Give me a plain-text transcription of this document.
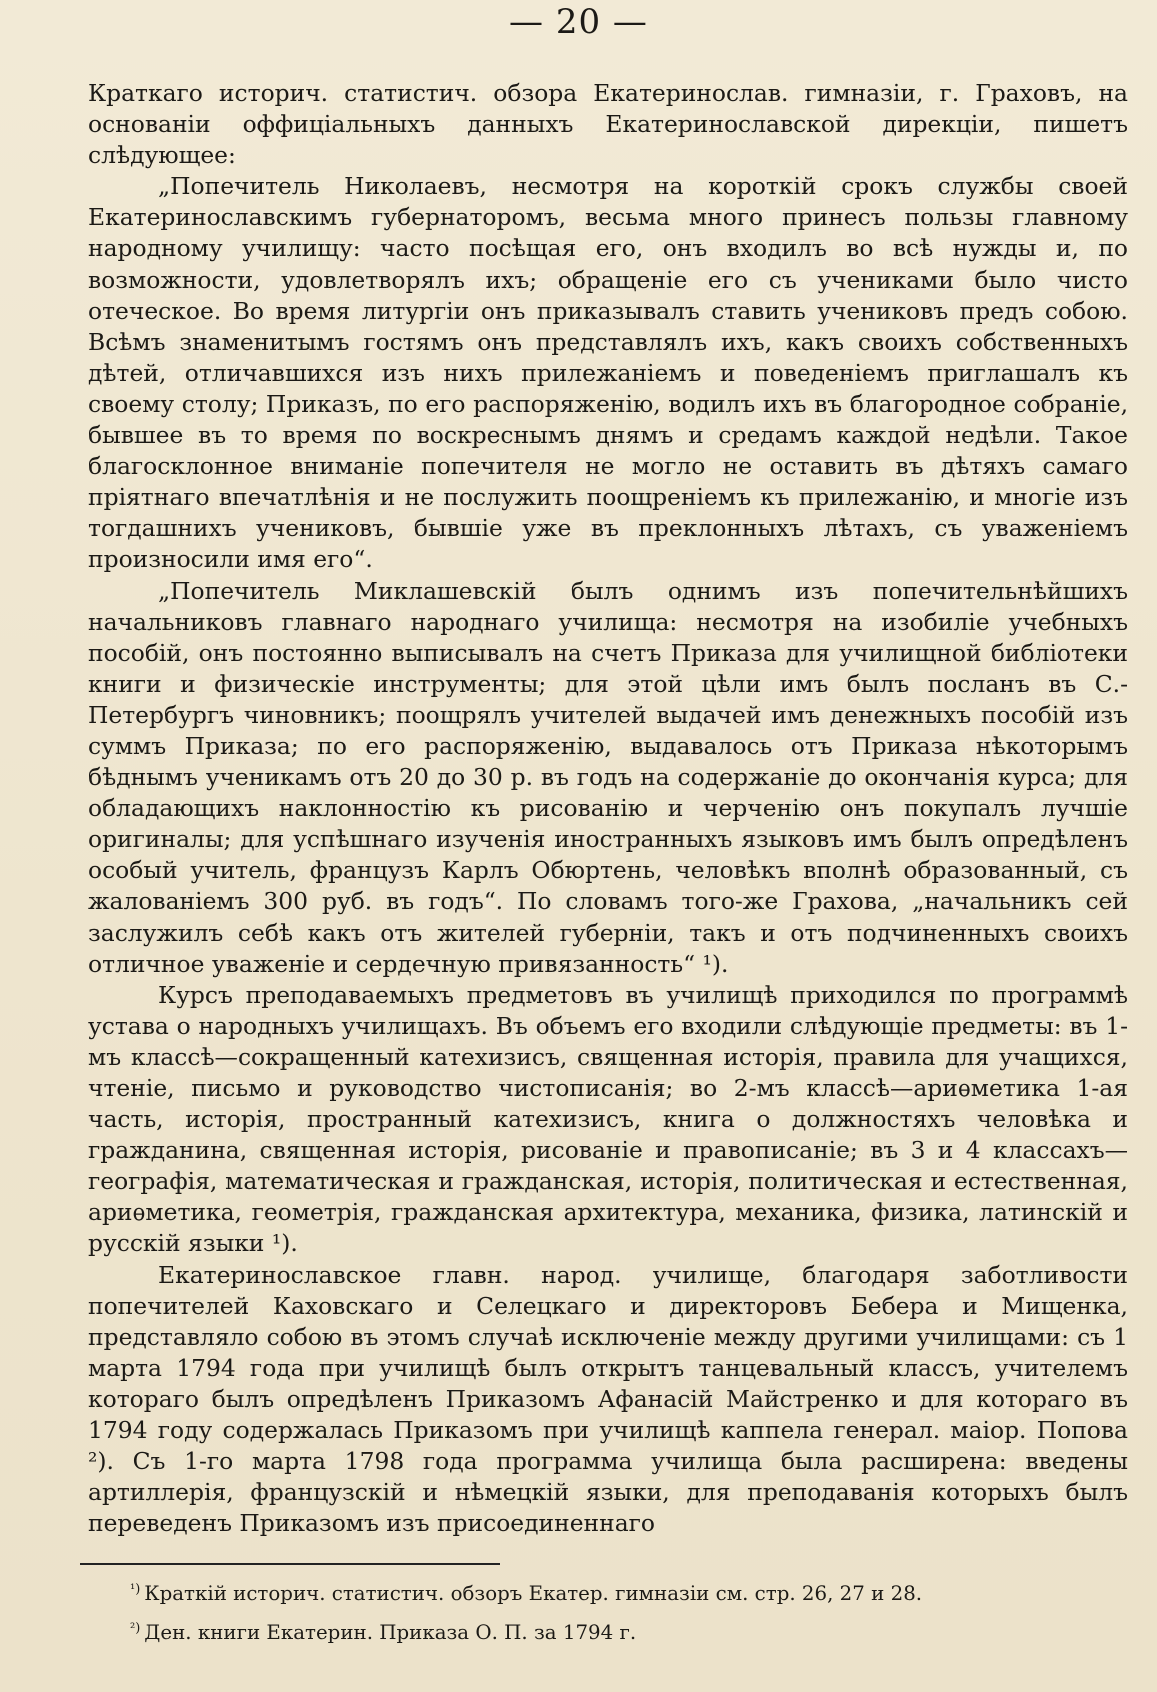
— 20 —

Краткаго историч. статистич. обзора Екатеринослав. гимназіи, г. Граховъ, на основаніи оффиціальныхъ данныхъ Екатеринославской дирекціи, пишетъ слѣдующее:

„Попечитель Николаевъ, несмотря на короткій срокъ службы своей Екатеринославскимъ губернаторомъ, весьма много принесъ пользы главному народному училищу: часто посѣщая его, онъ входилъ во всѣ нужды и, по возможности, удовлетворялъ ихъ; обращеніе его съ учениками было чисто отеческое. Во время литургіи онъ приказывалъ ставить учениковъ предъ собою. Всѣмъ знаменитымъ гостямъ онъ представлялъ ихъ, какъ своихъ собственныхъ дѣтей, отличавшихся изъ нихъ прилежаніемъ и поведеніемъ приглашалъ къ своему столу; Приказъ, по его распоряженію, водилъ ихъ въ благородное собраніе, бывшее въ то время по воскреснымъ днямъ и средамъ каждой недѣли. Такое благосклонное вниманіе попечителя не могло не оставить въ дѣтяхъ самаго пріятнаго впечатлѣнія и не послужить поощреніемъ къ прилежанію, и многіе изъ тогдашнихъ учениковъ, бывшіе уже въ преклонныхъ лѣтахъ, съ уваженіемъ произносили имя его“.

„Попечитель Миклашевскій былъ однимъ изъ попечительнѣйшихъ начальниковъ главнаго народнаго училища: несмотря на изобиліе учебныхъ пособій, онъ постоянно выписывалъ на счетъ Приказа для училищной библіотеки книги и физическіе инструменты; для этой цѣли имъ былъ посланъ въ С.-Петербургъ чиновникъ; поощрялъ учителей выдачей имъ денежныхъ пособій изъ суммъ Приказа; по его распоряженію, выдавалось отъ Приказа нѣкоторымъ бѣднымъ ученикамъ отъ 20 до 30 р. въ годъ на содержаніе до окончанія курса; для обладающихъ наклонностію къ рисованію и черченію онъ покупалъ лучшіе оригиналы; для успѣшнаго изученія иностранныхъ языковъ имъ былъ опредѣленъ особый учитель, французъ Карлъ Обюртень, человѣкъ вполнѣ образованный, съ жалованіемъ 300 руб. въ годъ“. По словамъ того-же Грахова, „начальникъ сей заслужилъ себѣ какъ отъ жителей губерніи, такъ и отъ подчиненныхъ своихъ отличное уваженіе и сердечную привязанность“ ¹).

Курсъ преподаваемыхъ предметовъ въ училищѣ приходился по программѣ устава о народныхъ училищахъ. Въ объемъ его входили слѣдующіе предметы: въ 1-мъ классѣ—сокращенный катехизисъ, священная исторія, правила для учащихся, чтеніе, письмо и руководство чистописанія; во 2-мъ классѣ—ариѳметика 1-ая часть, исторія, пространный катехизисъ, книга о должностяхъ человѣка и гражданина, священная исторія, рисованіе и правописаніе; въ 3 и 4 классахъ—географія, математическая и гражданская, исторія, политическая и естественная, ариѳметика, геометрія, гражданская архитектура, механика, физика, латинскій и русскій языки ¹).

Екатеринославское главн. народ. училище, благодаря заботливости попечителей Каховскаго и Селецкаго и директоровъ Бебера и Мищенка, представляло собою въ этомъ случаѣ исключеніе между другими училищами: съ 1 марта 1794 года при училищѣ былъ открытъ танцевальный классъ, учителемъ котораго былъ опредѣленъ Приказомъ Афанасій Майстренко и для котораго въ 1794 году содержалась Приказомъ при училищѣ каппела генерал. маіор. Попова ²). Съ 1-го марта 1798 года программа училища была расширена: введены артиллерія, французскій и нѣмецкій языки, для преподаванія которыхъ былъ переведенъ Приказомъ изъ присоединеннаго

$^{^1)}$ Краткій историч. статистич. обзоръ Екатер. гимназіи см. стр. 26, 27 и 28.

$^{^2)}$ Ден. книги Екатерин. Приказа О. П. за 1794 г.
